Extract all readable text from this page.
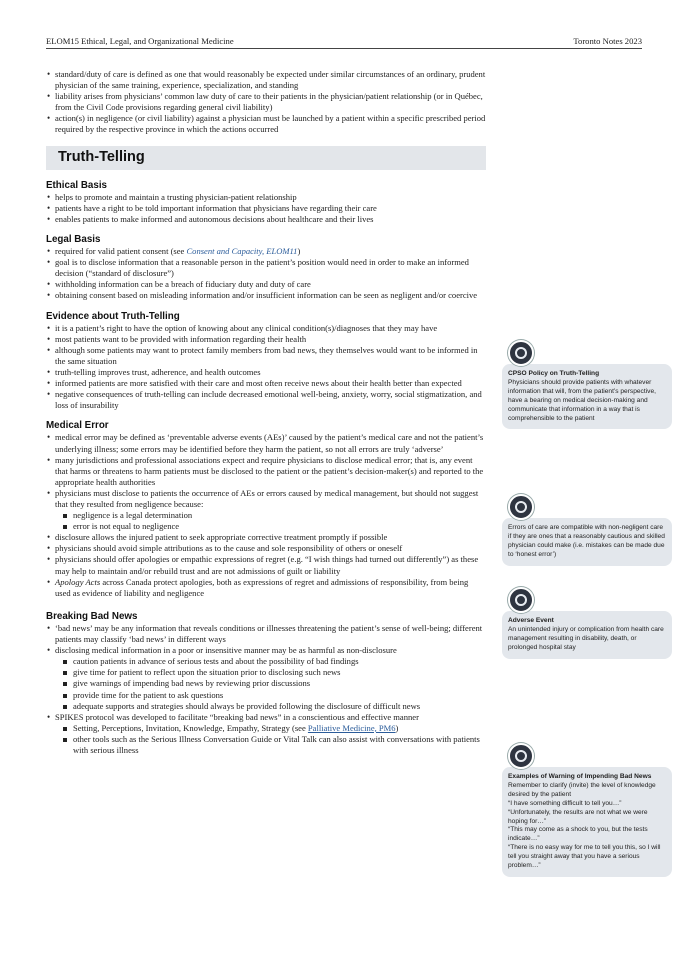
ELOM15 Ethical, Legal, and Organizational Medicine	Toronto Notes 2023
• standard/duty of care is defined as one that would reasonably be expected under similar circumstances of an ordinary, prudent physician of the same training, experience, specialization, and standing
• liability arises from physicians’ common law duty of care to their patients in the physician/patient relationship (or in Québec, from the Civil Code provisions regarding general civil liability)
• action(s) in negligence (or civil liability) against a physician must be launched by a patient within a specific prescribed period required by the respective province in which the actions occurred
Truth-Telling
Ethical Basis
• helps to promote and maintain a trusting physician-patient relationship
• patients have a right to be told important information that physicians have regarding their care
• enables patients to make informed and autonomous decisions about healthcare and their lives
Legal Basis
• required for valid patient consent (see Consent and Capacity, ELOM11)
• goal is to disclose information that a reasonable person in the patient’s position would need in order to make an informed decision (“standard of disclosure”)
• withholding information can be a breach of fiduciary duty and duty of care
• obtaining consent based on misleading information and/or insufficient information can be seen as negligent and/or coercive
Evidence about Truth-Telling
• it is a patient’s right to have the option of knowing about any clinical condition(s)/diagnoses that they may have
• most patients want to be provided with information regarding their health
• although some patients may want to protect family members from bad news, they themselves would want to be informed in the same situation
• truth-telling improves trust, adherence, and health outcomes
• informed patients are more satisfied with their care and most often receive news about their health better than expected
• negative consequences of truth-telling can include decreased emotional well-being, anxiety, worry, social stigmatization, and loss of insurability
Medical Error
• medical error may be defined as ‘preventable adverse events (AEs)’ caused by the patient’s medical care and not the patient’s underlying illness; some errors may be identified before they harm the patient, so not all errors are truly ‘adverse’
• many jurisdictions and professional associations expect and require physicians to disclose medical error; that is, any event that harms or threatens to harm patients must be disclosed to the patient or the patient’s decision-maker(s) and reported to the appropriate health authorities
• physicians must disclose to patients the occurrence of AEs or errors caused by medical management, but should not suggest that they resulted from negligence because:
negligence is a legal determination
error is not equal to negligence
• disclosure allows the injured patient to seek appropriate corrective treatment promptly if possible
• physicians should avoid simple attributions as to the cause and sole responsibility of others or oneself
• physicians should offer apologies or empathic expressions of regret (e.g. “I wish things had turned out differently”) as these may help to maintain and/or rebuild trust and are not admissions of guilt or liability
• Apology Acts across Canada protect apologies, both as expressions of regret and admissions of responsibility, from being used as evidence of liability and negligence
Breaking Bad News
• ‘bad news’ may be any information that reveals conditions or illnesses threatening the patient’s sense of well-being; different patients may classify ‘bad news’ in different ways
• disclosing medical information in a poor or insensitive manner may be as harmful as non-disclosure
caution patients in advance of serious tests and about the possibility of bad findings
give time for patient to reflect upon the situation prior to disclosing such news
give warnings of impending bad news by reviewing prior discussions
provide time for the patient to ask questions
adequate supports and strategies should always be provided following the disclosure of difficult news
• SPIKES protocol was developed to facilitate “breaking bad news” in a conscientious and effective manner
Setting, Perceptions, Invitation, Knowledge, Empathy, Strategy (see Palliative Medicine, PM6)
other tools such as the Serious Illness Conversation Guide or Vital Talk can also assist with conversations with patients with serious illness
CPSO Policy on Truth-Telling
Physicians should provide patients with whatever information that will, from the patient’s perspective, have a bearing on medical decision-making and communicate that information in a way that is comprehensible to the patient
Errors of care are compatible with non-negligent care if they are ones that a reasonably cautious and skilled physician could make (i.e. mistakes can be made due to ‘honest error’)
Adverse Event
An unintended injury or complication from health care management resulting in disability, death, or prolonged hospital stay
Examples of Warning of Impending Bad News
Remember to clarify (invite) the level of knowledge desired by the patient
“I have something difficult to tell you…”
“Unfortunately, the results are not what we were hoping for…”
“This may come as a shock to you, but the tests indicate…”
“There is no easy way for me to tell you this, so I will tell you straight away that you have a serious problem…”
